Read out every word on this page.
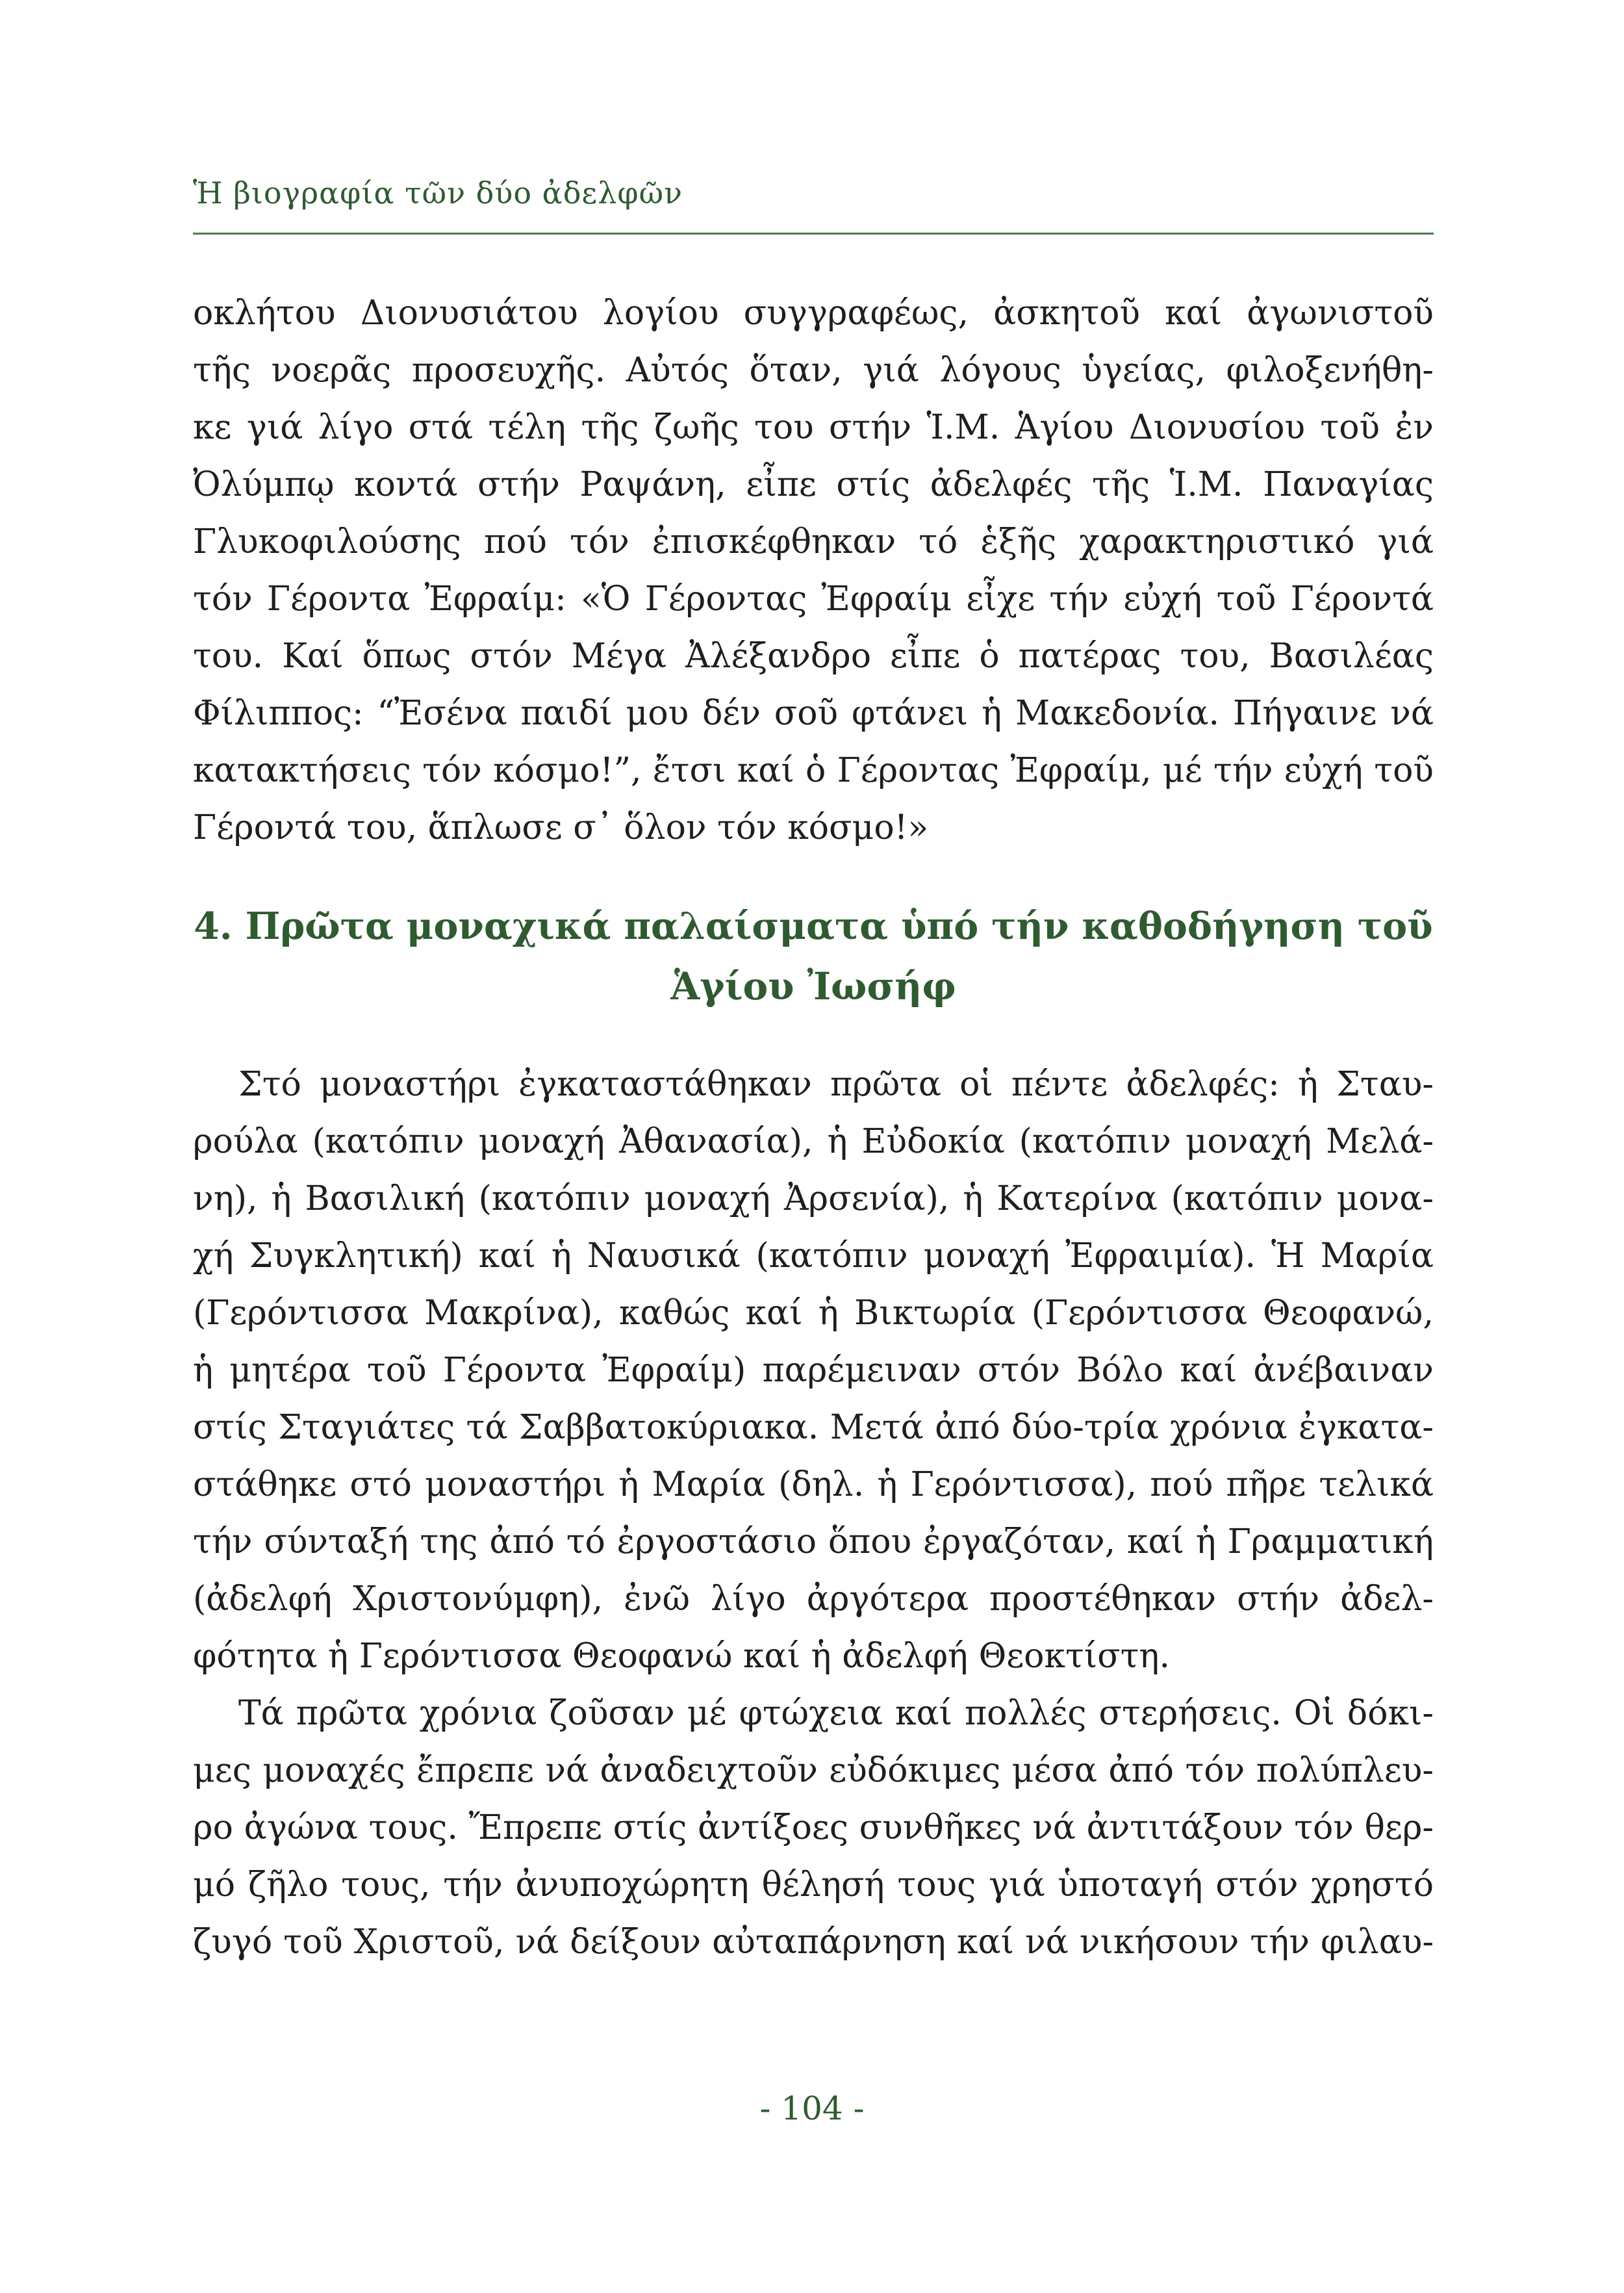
Ἡ βιογραφία τῶν δύο ἀδελφῶν
οκλήτου Διονυσιάτου λογίου συγγραφέως, ἀσκητοῦ καί ἀγωνιστοῦ
τῆς νοερᾶς προσευχῆς. Αὐτός ὅταν, γιά λόγους ὑγείας, φιλοξενήθη-
κε γιά λίγο στά τέλη τῆς ζωῆς του στήν Ἱ.Μ. Ἁγίου Διονυσίου τοῦ ἐν
Ὀλύμπῳ κοντά στήν Ραψάνη, εἶπε στίς ἀδελφές τῆς Ἱ.Μ. Παναγίας
Γλυκοφιλούσης πού τόν ἐπισκέφθηκαν τό ἑξῆς χαρακτηριστικό γιά
τόν Γέροντα Ἐφραίμ: «Ὁ Γέροντας Ἐφραίμ εἶχε τήν εὐχή τοῦ Γέροντά
του. Καί ὅπως στόν Μέγα Ἀλέξανδρο εἶπε ὁ πατέρας του, Βασιλέας
Φίλιππος: “Ἐσένα παιδί μου δέν σοῦ φτάνει ἡ Μακεδονία. Πήγαινε νά
κατακτήσεις τόν κόσμο!”, ἔτσι καί ὁ Γέροντας Ἐφραίμ, μέ τήν εὐχή τοῦ
Γέροντά του, ἅπλωσε σ᾽ ὅλον τόν κόσμο!»
4. Πρῶτα μοναχικά παλαίσματα ὑπό τήν καθοδήγηση τοῦ
Ἁγίου Ἰωσήφ
Στό μοναστήρι ἐγκαταστάθηκαν πρῶτα οἱ πέντε ἀδελφές: ἡ Σταυ-
ρούλα (κατόπιν μοναχή Ἀθανασία), ἡ Εὐδοκία (κατόπιν μοναχή Μελά-
νη), ἡ Βασιλική (κατόπιν μοναχή Ἀρσενία), ἡ Κατερίνα (κατόπιν μονα-
χή Συγκλητική) καί ἡ Ναυσικά (κατόπιν μοναχή Ἐφραιμία). Ἡ Μαρία
(Γερόντισσα Μακρίνα), καθώς καί ἡ Βικτωρία (Γερόντισσα Θεοφανώ,
ἡ μητέρα τοῦ Γέροντα Ἐφραίμ) παρέμειναν στόν Βόλο καί ἀνέβαιναν
στίς Σταγιάτες τά Σαββατοκύριακα. Μετά ἀπό δύο-τρία χρόνια ἐγκατα-
στάθηκε στό μοναστήρι ἡ Μαρία (δηλ. ἡ Γερόντισσα), πού πῆρε τελικά
τήν σύνταξή της ἀπό τό ἐργοστάσιο ὅπου ἐργαζόταν, καί ἡ Γραμματική
(ἀδελφή Χριστονύμφη), ἐνῶ λίγο ἀργότερα προστέθηκαν στήν ἀδελ-
φότητα ἡ Γερόντισσα Θεοφανώ καί ἡ ἀδελφή Θεοκτίστη.
Τά πρῶτα χρόνια ζοῦσαν μέ φτώχεια καί πολλές στερήσεις. Οἱ δόκι-
μες μοναχές ἔπρεπε νά ἀναδειχτοῦν εὐδόκιμες μέσα ἀπό τόν πολύπλευ-
ρο ἀγώνα τους. Ἔπρεπε στίς ἀντίξοες συνθῆκες νά ἀντιτάξουν τόν θερ-
μό ζῆλο τους, τήν ἀνυποχώρητη θέλησή τους γιά ὑποταγή στόν χρηστό
ζυγό τοῦ Χριστοῦ, νά δείξουν αὐταπάρνηση καί νά νικήσουν τήν φιλαυ-
- 104 -
